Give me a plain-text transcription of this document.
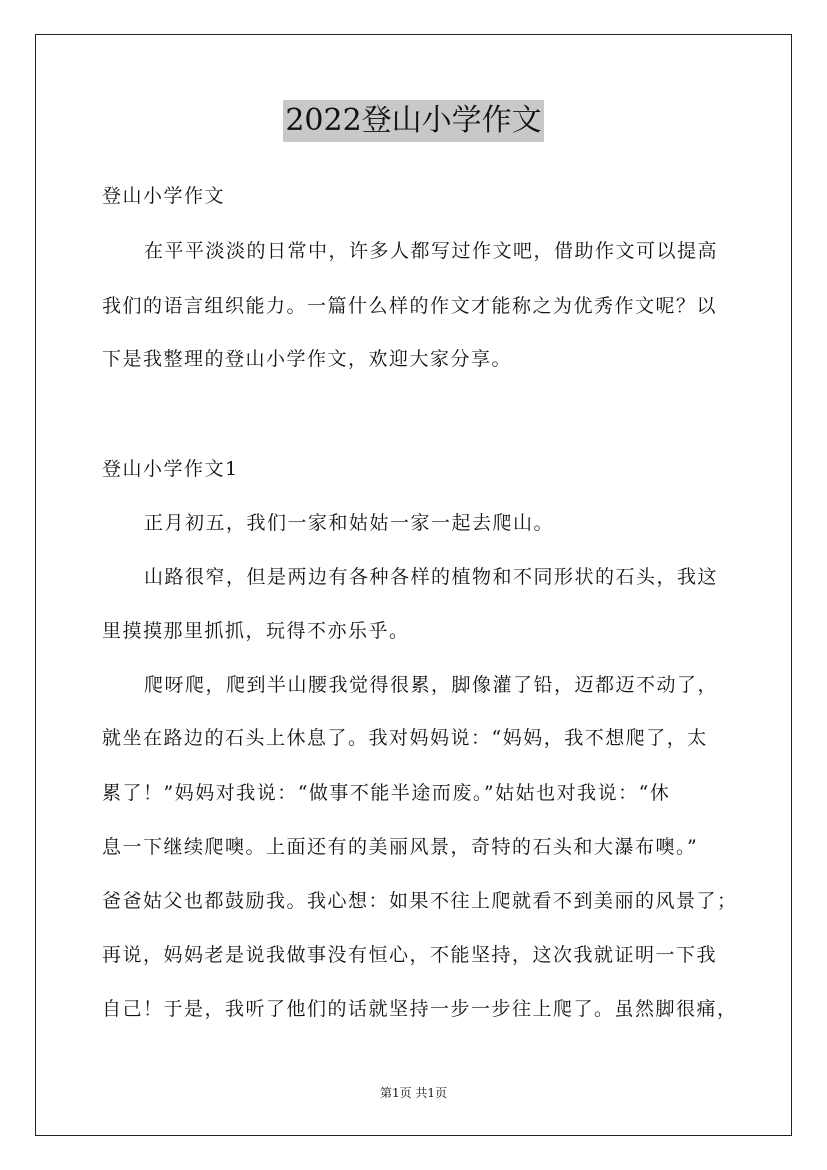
2022登山小学作文
登山小学作文
在平平淡淡的日常中，许多人都写过作文吧，借助作文可以提高
我们的语言组织能力。一篇什么样的作文才能称之为优秀作文呢？以
下是我整理的登山小学作文，欢迎大家分享。
登山小学作文1
正月初五，我们一家和姑姑一家一起去爬山。
山路很窄，但是两边有各种各样的植物和不同形状的石头，我这
里摸摸那里抓抓，玩得不亦乐乎。
爬呀爬，爬到半山腰我觉得很累，脚像灌了铅，迈都迈不动了，
就坐在路边的石头上休息了。我对妈妈说：“妈妈，我不想爬了，太
累了！”妈妈对我说：“做事不能半途而废。”姑姑也对我说：“休
息一下继续爬噢。上面还有的美丽风景，奇特的石头和大瀑布噢。”
爸爸姑父也都鼓励我。我心想：如果不往上爬就看不到美丽的风景了；
再说，妈妈老是说我做事没有恒心，不能坚持，这次我就证明一下我
自己！于是，我听了他们的话就坚持一步一步往上爬了。虽然脚很痛，
第1页 共1页
